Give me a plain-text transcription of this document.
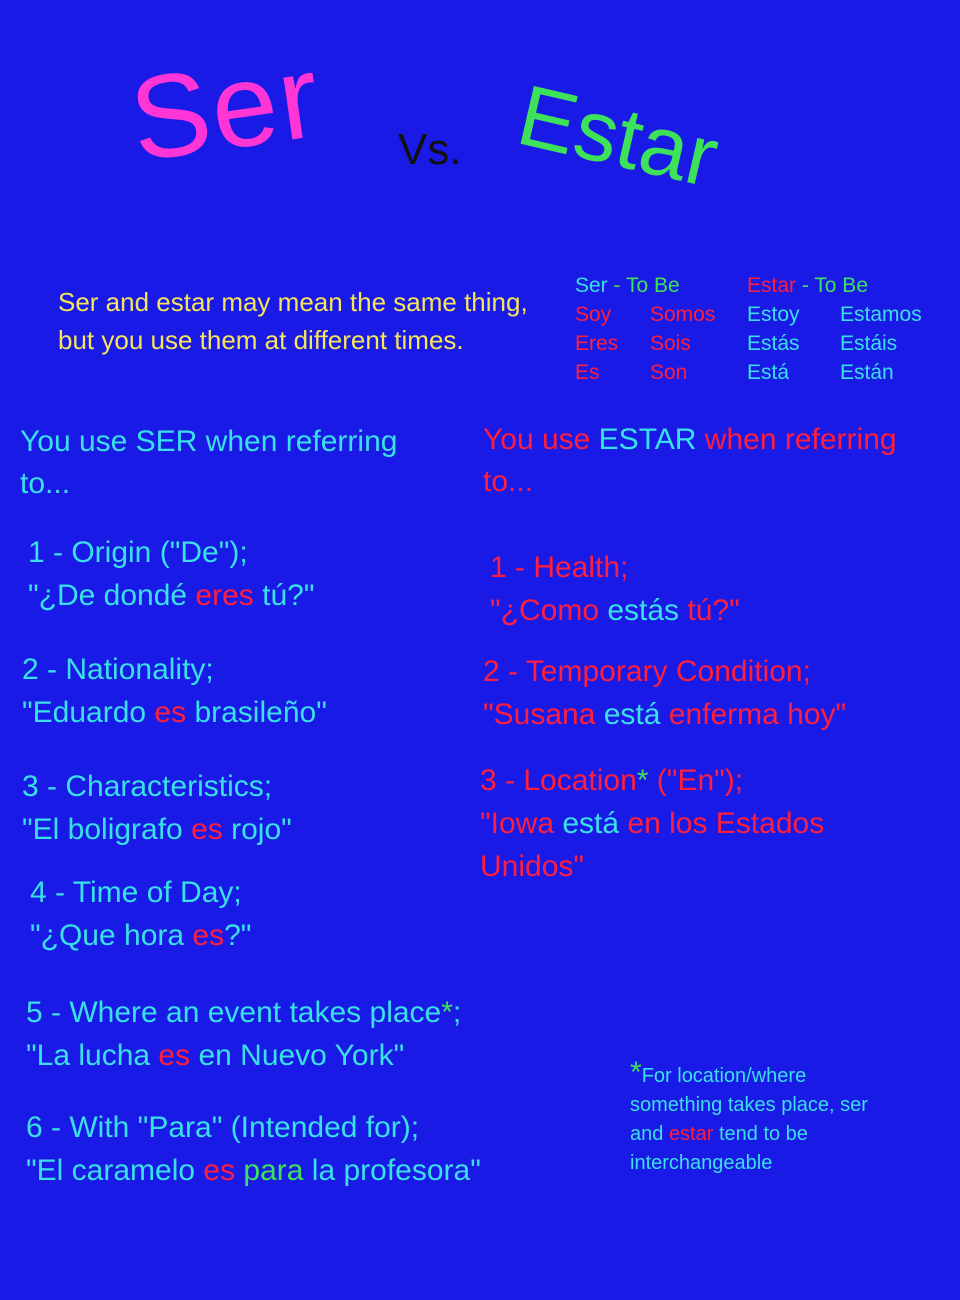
Ser Vs. Estar
Ser and estar may mean the same thing, but you use them at different times.
Ser - To Be
Soy Somos
Eres Sois
Es Son
Estar - To Be
Estoy Estamos
Estás Estáis
Está Están
You use SER when referring to...
You use ESTAR when referring to...
1 - Origin ("De");
"¿De dondé eres tú?"
2 - Nationality;
"Eduardo es brasileño"
3 - Characteristics;
"El boligrafo es rojo"
4 - Time of Day;
"¿Que hora es?"
5 - Where an event takes place*;
"La lucha es en Nuevo York"
6 - With "Para" (Intended for);
"El caramelo es para la profesora"
1 - Health;
"¿Como estás tú?"
2 - Temporary Condition;
"Susana está enferma hoy"
3 - Location* ("En");
"Iowa está en los Estados Unidos"
*For location/where something takes place, ser and estar tend to be interchangeable
